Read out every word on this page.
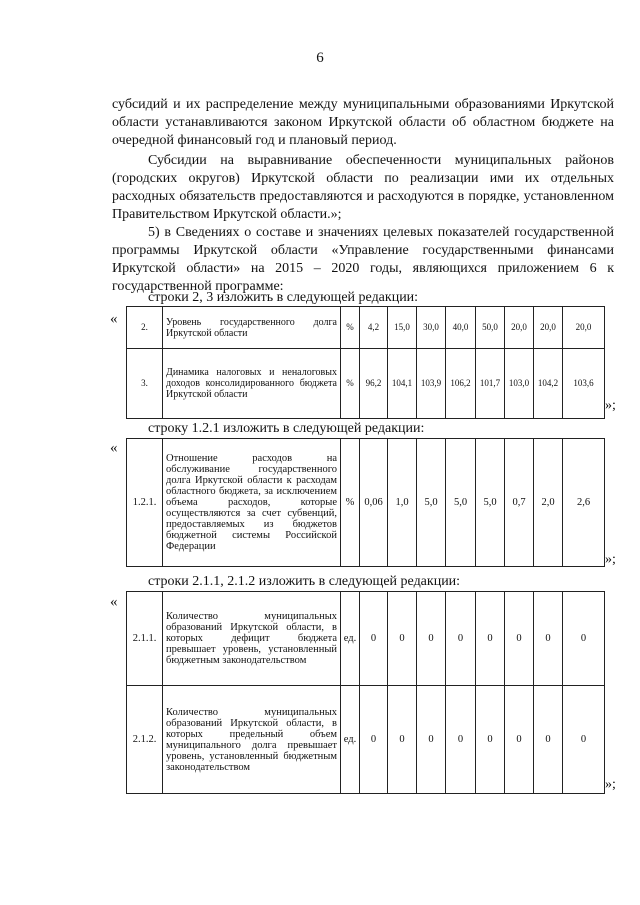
6

субсидий и их распределение между муниципальными образованиями Иркутской области устанавливаются законом Иркутской области об областном бюджете на очередной финансовый год и плановый период.

Субсидии на выравнивание обеспеченности муниципальных районов (городских округов) Иркутской области по реализации ими их отдельных расходных обязательств предоставляются и расходуются в порядке, установленном Правительством Иркутской области.»;

5) в Сведениях о составе и значениях целевых показателей государственной программы Иркутской области «Управление государственными финансами Иркутской области» на 2015 – 2020 годы, являющихся приложением 6 к государственной программе:

строки 2, 3 изложить в следующей редакции:
«	2.	Уровень государственного долга Иркутской области	%	4,2	15,0	30,0	40,0	50,0	20,0	20,0	20,0
3.	Динамика налоговых и неналоговых доходов консолидированного бюджета Иркутской области	%	96,2	104,1	103,9	106,2	101,7	103,0	104,2	103,6
»;
строку 1.2.1 изложить в следующей редакции:
«
1.2.1.	Отношение расходов на обслуживание государственного долга Иркутской области к расходам областного бюджета, за исключением объема расходов, которые осуществляются за счет субвенций, предоставляемых из бюджетов бюджетной системы Российской Федерации	%	0,06	1,0	5,0	5,0	5,0	0,7	2,0	2,6
»;
строки 2.1.1, 2.1.2 изложить в следующей редакции:
«
2.1.1.	Количество муниципальных образований Иркутской области, в которых дефицит бюджета превышает уровень, установленный бюджетным законодательством	ед.	0	0	0	0	0	0	0	0
2.1.2.	Количество муниципальных образований Иркутской области, в которых предельный объем муниципального долга превышает уровень, установленный бюджетным законодательством	ед.	0	0	0	0	0	0	0	0
»;
